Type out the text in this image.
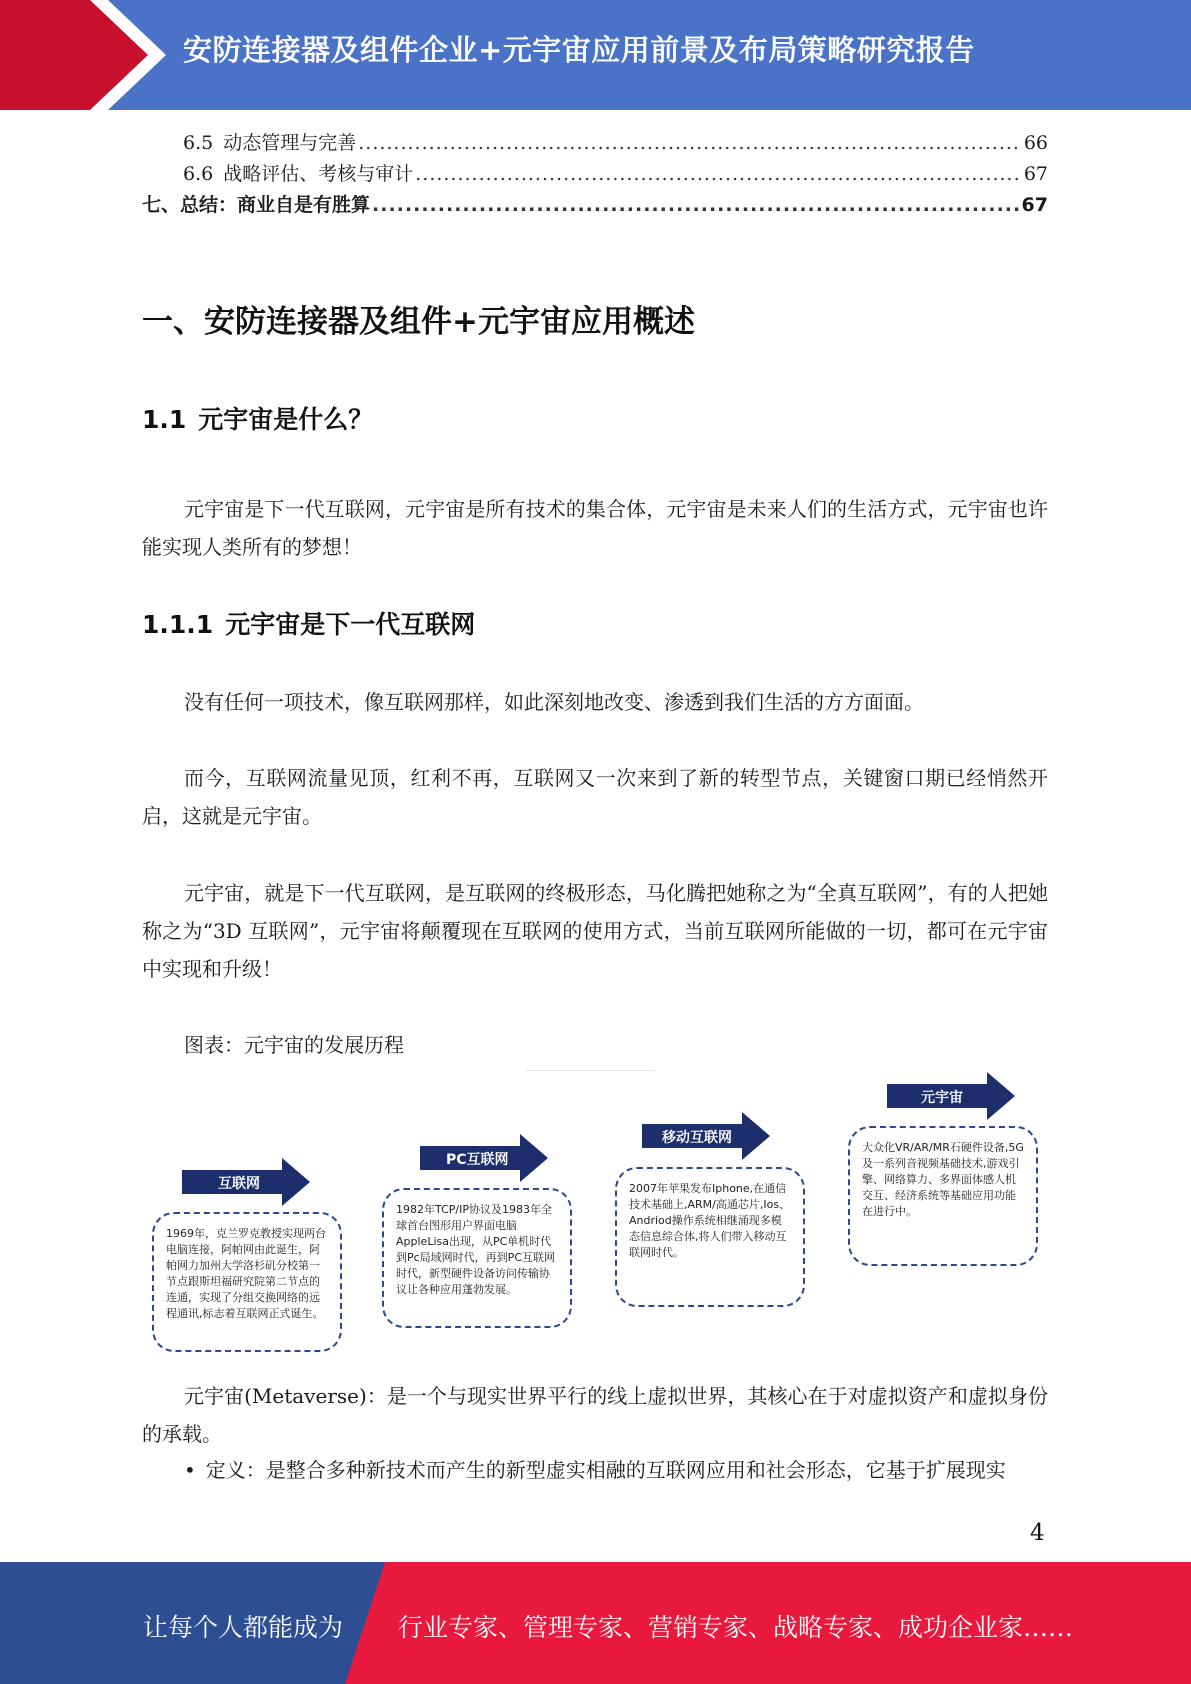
安防连接器及组件企业+元宇宙应用前景及布局策略研究报告
6.5 动态管理与完善 .....	66
6.6 战略评估、考核与审计 .....	67
七、总结：商业自是有胜算 .....	67
一、安防连接器及组件+元宇宙应用概述
1.1 元宇宙是什么？
元宇宙是下一代互联网，元宇宙是所有技术的集合体，元宇宙是未来人们的生活方式，元宇宙也许能实现人类所有的梦想！
1.1.1 元宇宙是下一代互联网
没有任何一项技术，像互联网那样，如此深刻地改变、渗透到我们生活的方方面面。
而今，互联网流量见顶，红利不再，互联网又一次来到了新的转型节点，关键窗口期已经悄然开启，这就是元宇宙。
元宇宙，就是下一代互联网，是互联网的终极形态，马化腾把她称之为“全真互联网”，有的人把她称之为“3D 互联网”，元宇宙将颠覆现在互联网的使用方式，当前互联网所能做的一切，都可在元宇宙中实现和升级！
图表：元宇宙的发展历程
互联网
1969年，克兰罗克教授实现两台电脑连接，阿帕网由此诞生，阿帕网力加州大学洛杉矶分校第一节点跟斯坦福研究院第二节点的连通，实现了分组交换网络的远程通讯,标志着互联网正式诞生。
PC互联网
1982年TCP/IP协议及1983年全球首台图形用户界面电脑AppleLisa出现，从PC单机时代到Pc局域网时代，再到PC互联网时代，新型硬件设备访问传输协议让各种应用蓬勃发展。
移动互联网
2007年苹果发布Iphone,在通信技术基础上,ARM/高通芯片,Ios、Andriod操作系统相继涌现多模态信息综合体,将人们带入移动互联网时代。
元宇宙
大众化VR/AR/MR石硬件设备,5G及一系列音视频基础技术,游戏引擎、网络算力、多界面体感人机交互、经济系统等基础应用功能在进行中。
元宇宙(Metaverse)：是一个与现实世界平行的线上虚拟世界，其核心在于对虚拟资产和虚拟身份的承载。
• 定义：是整合多种新技术而产生的新型虚实相融的互联网应用和社会形态，它基于扩展现实
4
让每个人都能成为 行业专家、管理专家、营销专家、战略专家、成功企业家……
